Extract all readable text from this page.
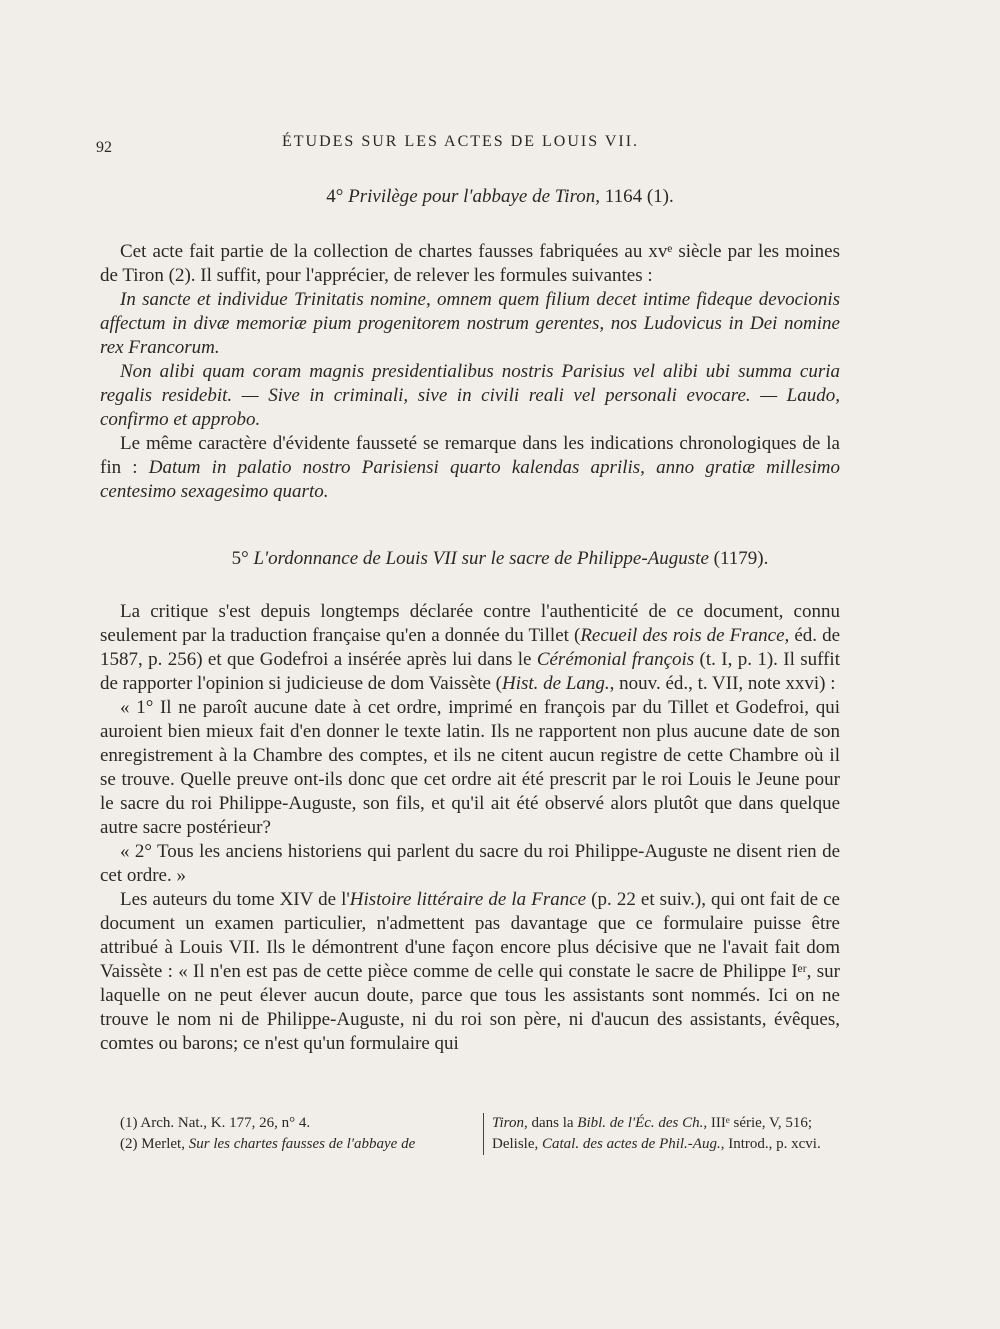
92	ÉTUDES SUR LES ACTES DE LOUIS VII.
4° Privilège pour l'abbaye de Tiron, 1164 (1).

Cet acte fait partie de la collection de chartes fausses fabriquées au xvᵉ siècle par les moines de Tiron (2). Il suffit, pour l'apprécier, de relever les formules suivantes :

In sancte et individue Trinitatis nomine, omnem quem filium decet intime fideque devocionis affectum in divæ memoriæ pium progenitorem nostrum gerentes, nos Ludovicus in Dei nomine rex Francorum.

Non alibi quam coram magnis presidentialibus nostris Parisius vel alibi ubi summa curia regalis residebit. — Sive in criminali, sive in civili reali vel personali evocare. — Laudo, confirmo et approbo.

Le même caractère d'évidente fausseté se remarque dans les indications chronologiques de la fin : Datum in palatio nostro Parisiensi quarto kalendas aprilis, anno gratiæ millesimo centesimo sexagesimo quarto.

5° L'ordonnance de Louis VII sur le sacre de Philippe-Auguste (1179).

La critique s'est depuis longtemps déclarée contre l'authenticité de ce document, connu seulement par la traduction française qu'en a donnée du Tillet (Recueil des rois de France, éd. de 1587, p. 256) et que Godefroi a insérée après lui dans le Cérémonial françois (t. I, p. 1). Il suffit de rapporter l'opinion si judicieuse de dom Vaissète (Hist. de Lang., nouv. éd., t. VII, note xxvi) :

« 1° Il ne paroît aucune date à cet ordre, imprimé en françois par du Tillet et Godefroi, qui auroient bien mieux fait d'en donner le texte latin. Ils ne rapportent non plus aucune date de son enregistrement à la Chambre des comptes, et ils ne citent aucun registre de cette Chambre où il se trouve. Quelle preuve ont-ils donc que cet ordre ait été prescrit par le roi Louis le Jeune pour le sacre du roi Philippe-Auguste, son fils, et qu'il ait été observé alors plutôt que dans quelque autre sacre postérieur?

« 2° Tous les anciens historiens qui parlent du sacre du roi Philippe-Auguste ne disent rien de cet ordre. »

Les auteurs du tome XIV de l'Histoire littéraire de la France (p. 22 et suiv.), qui ont fait de ce document un examen particulier, n'admettent pas davantage que ce formulaire puisse être attribué à Louis VII. Ils le démontrent d'une façon encore plus décisive que ne l'avait fait dom Vaissète : « Il n'en est pas de cette pièce comme de celle qui constate le sacre de Philippe Iᵉʳ, sur laquelle on ne peut élever aucun doute, parce que tous les assistants sont nommés. Ici on ne trouve le nom ni de Philippe-Auguste, ni du roi son père, ni d'aucun des assistants, évêques, comtes ou barons; ce n'est qu'un formulaire qui

(1) Arch. Nat., K. 177, 26, n° 4.
(2) Merlet, Sur les chartes fausses de l'abbaye de
Tiron, dans la Bibl. de l'Éc. des Ch., IIIᵉ série, V, 516;
Delisle, Catal. des actes de Phil.-Aug., Introd., p. xcvi.
